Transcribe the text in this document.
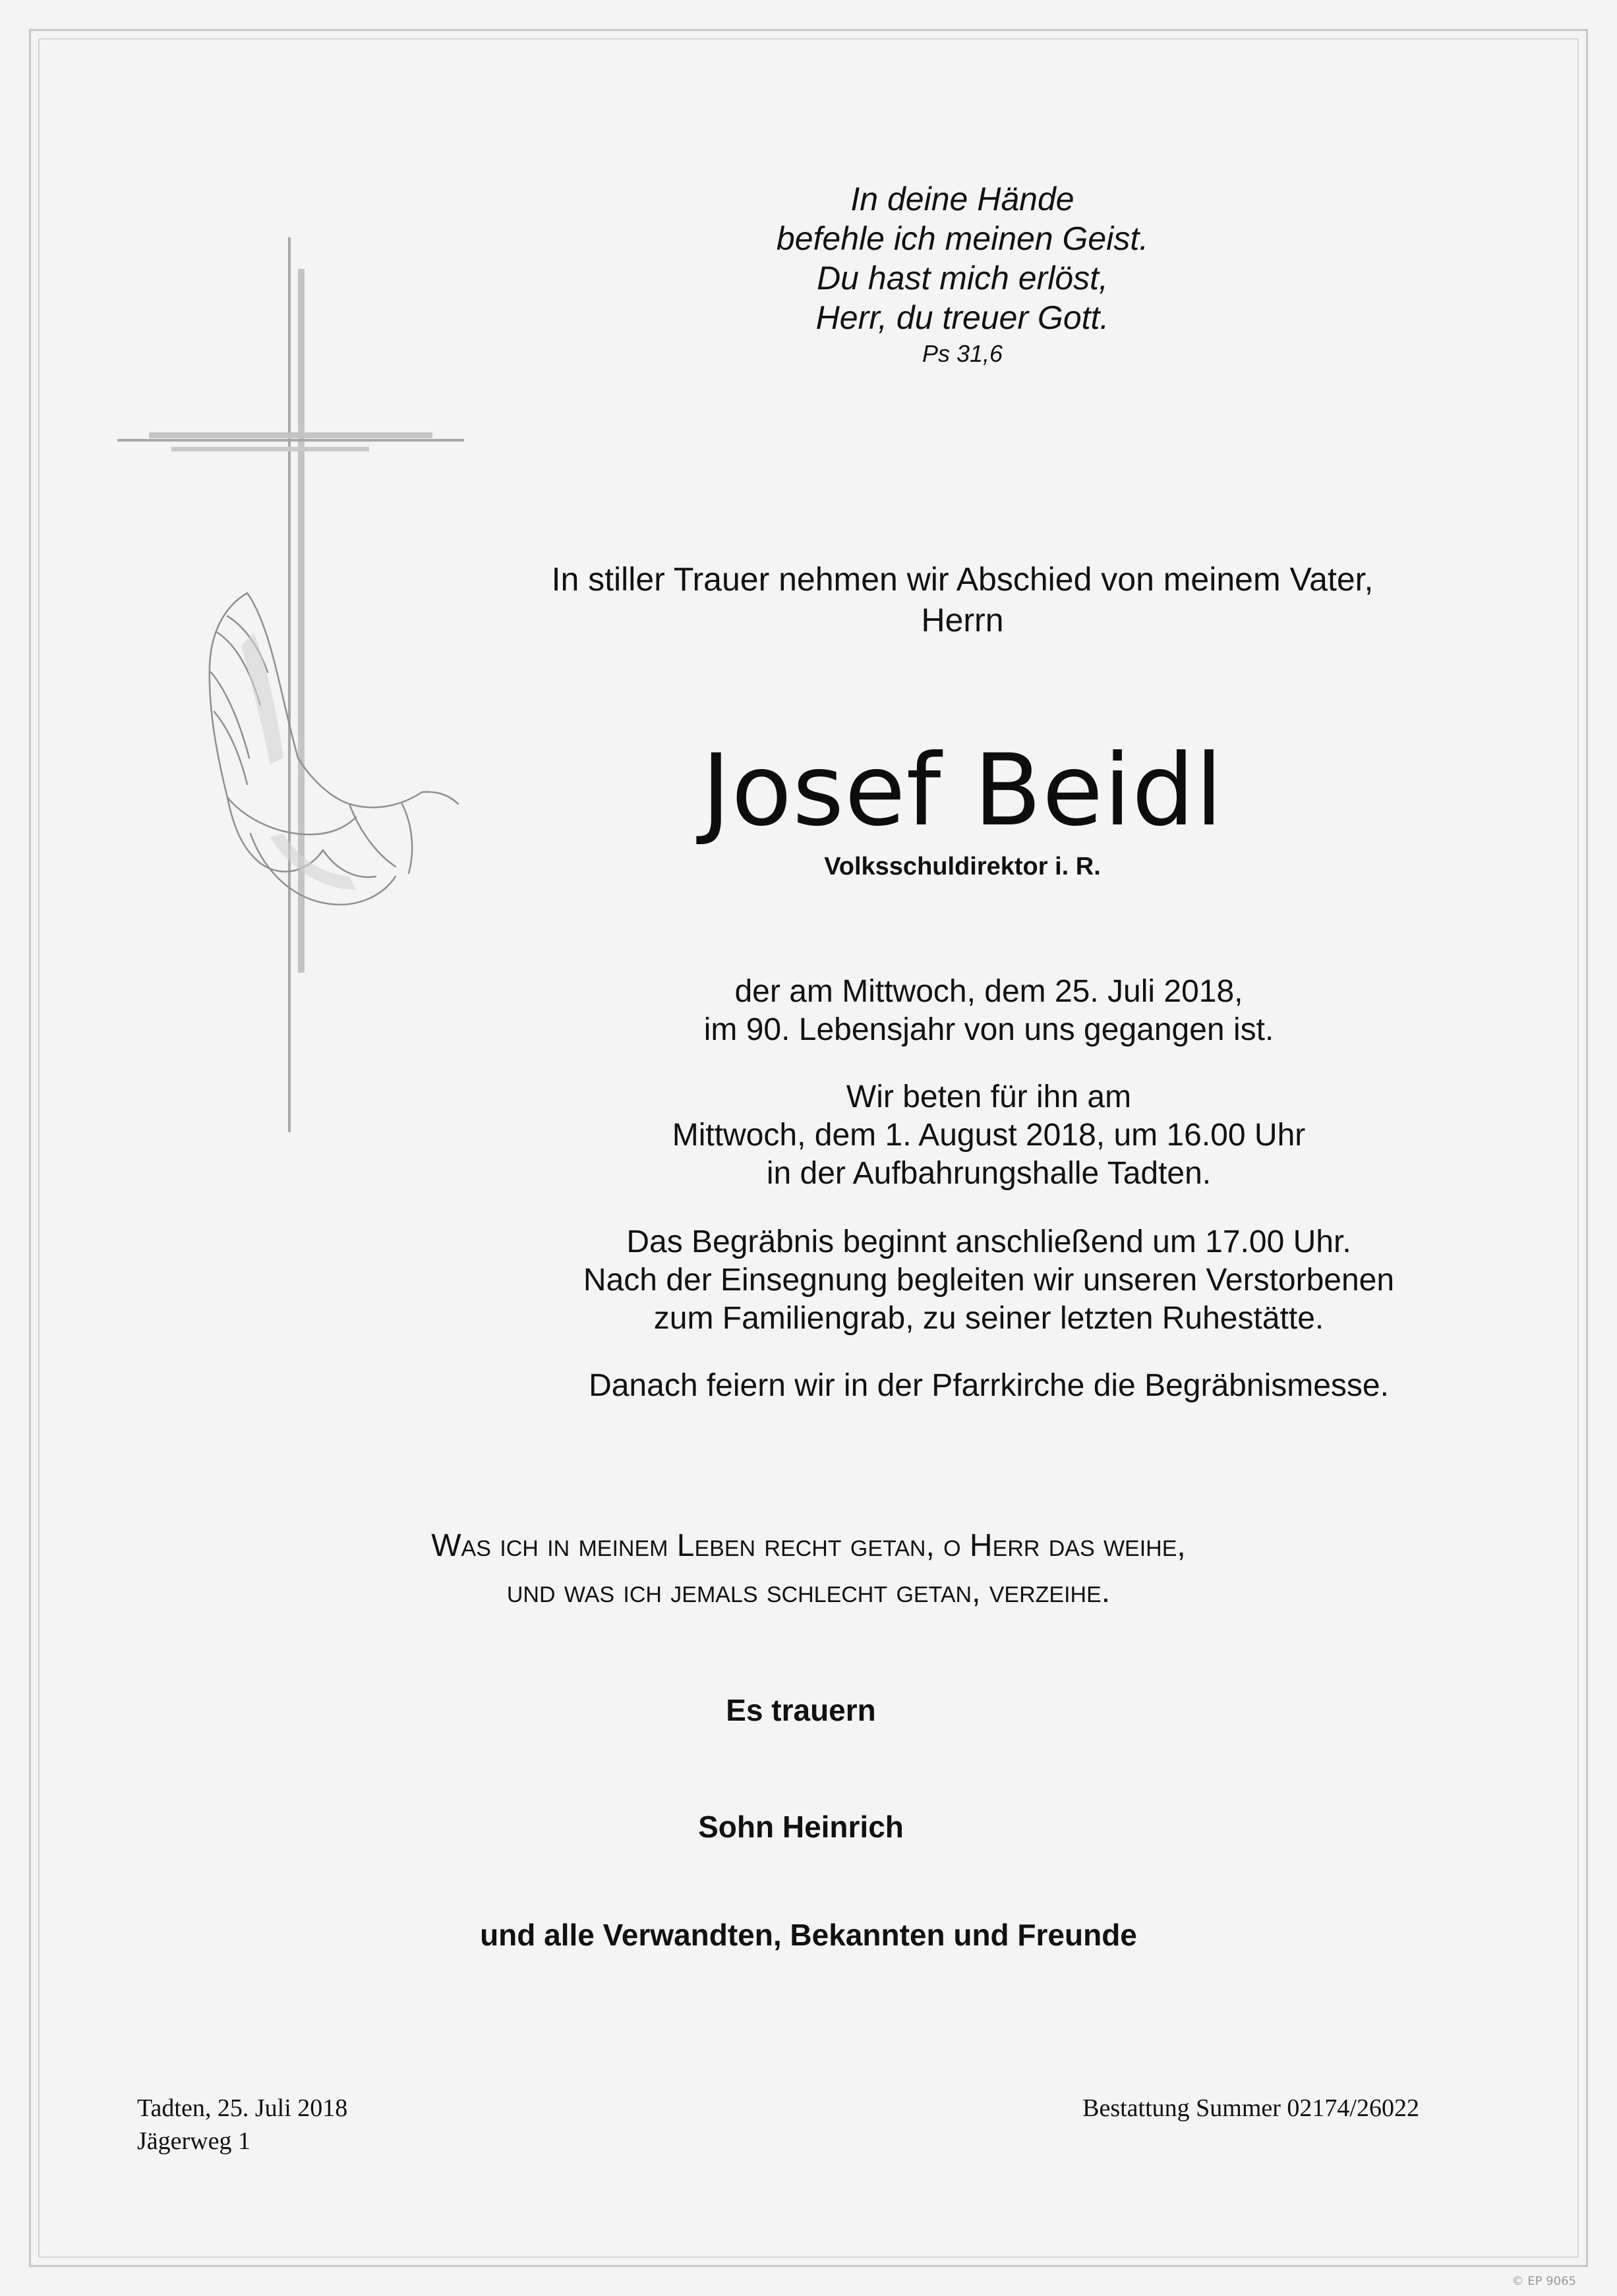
In deine Hände
befehle ich meinen Geist.
Du hast mich erlöst,
Herr, du treuer Gott.
Ps 31,6
In stiller Trauer nehmen wir Abschied von meinem Vater,
Herrn
Josef Beidl
Volksschuldirektor i. R.
der am Mittwoch, dem 25. Juli 2018,
im 90. Lebensjahr von uns gegangen ist.
Wir beten für ihn am
Mittwoch, dem 1. August 2018, um 16.00 Uhr
in der Aufbahrungshalle Tadten.
Das Begräbnis beginnt anschließend um 17.00 Uhr.
Nach der Einsegnung begleiten wir unseren Verstorbenen
zum Familiengrab, zu seiner letzten Ruhestätte.
Danach feiern wir in der Pfarrkirche die Begräbnismesse.
Was ich in meinem Leben recht getan, o Herr das weihe,
und was ich jemals schlecht getan, verzeihe.
Es trauern
Sohn Heinrich
und alle Verwandten, Bekannten und Freunde
Tadten, 25. Juli 2018
Jägerweg 1
Bestattung Summer 02174/26022
© EP 9065
